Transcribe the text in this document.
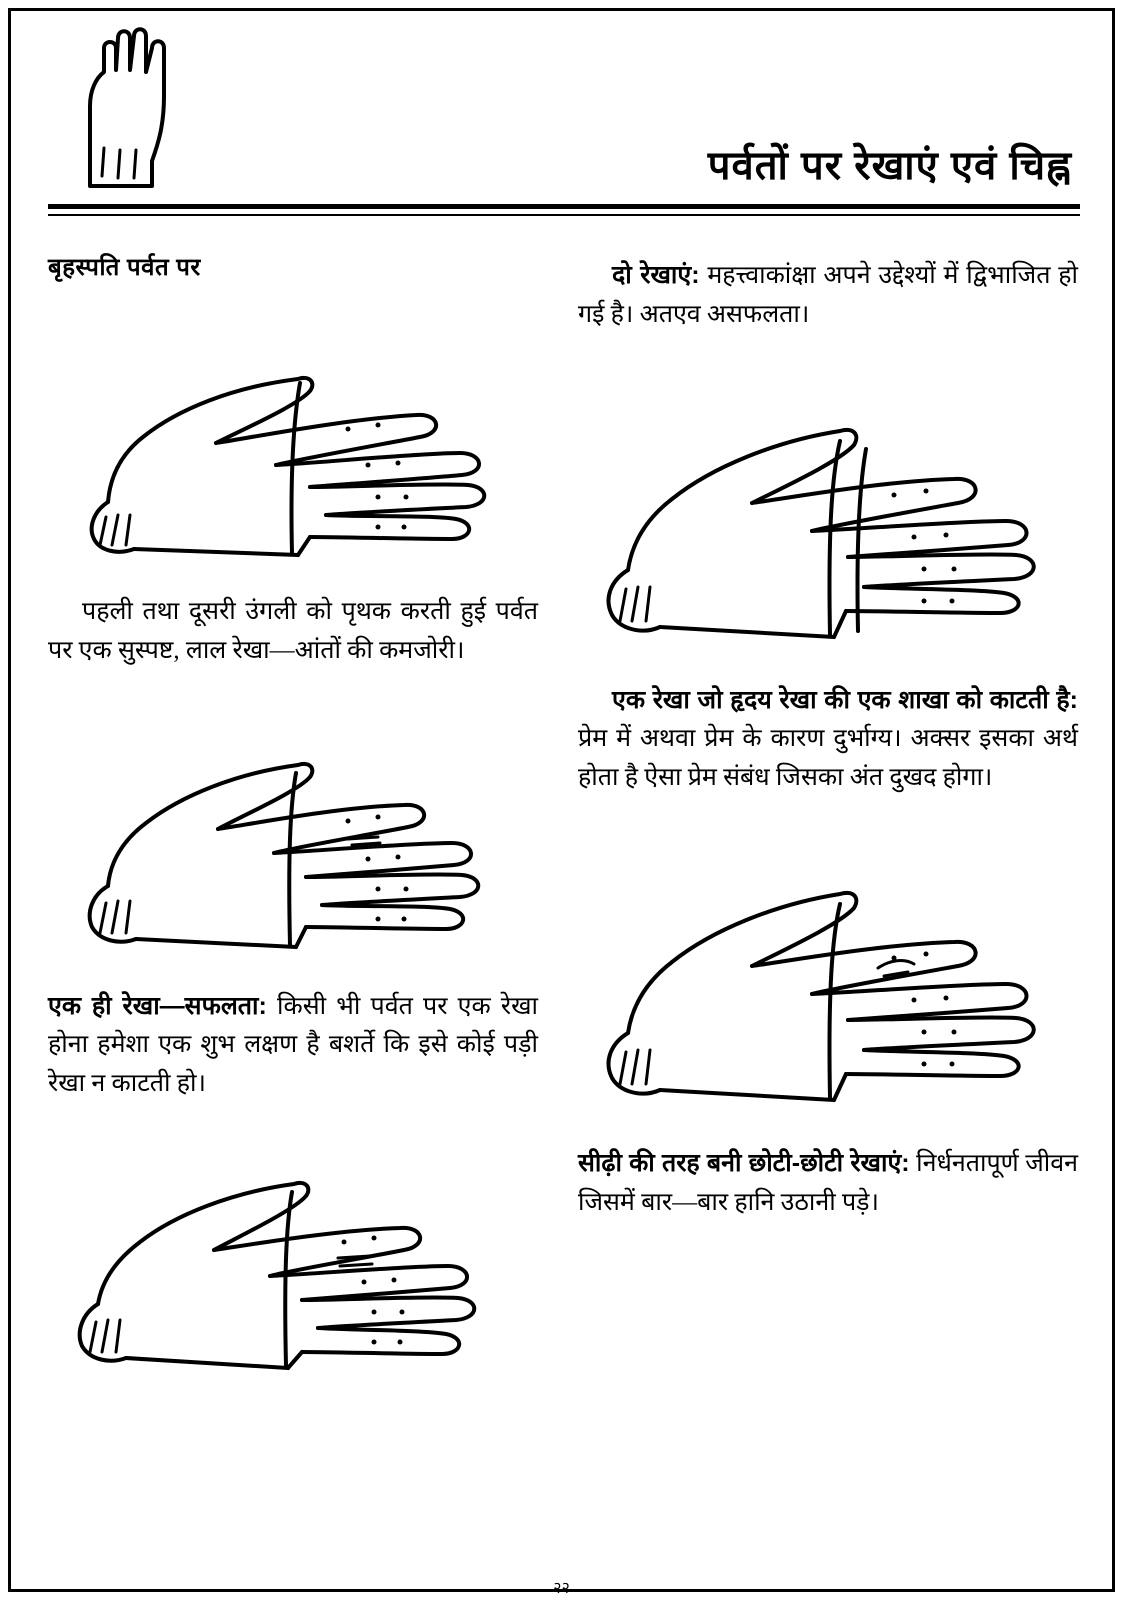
पर्वतों पर रेखाएं एवं चिह्न
बृहस्पति पर्वत पर

पहली तथा दूसरी उंगली को पृथक करती हुई पर्वत पर एक सुस्पष्ट, लाल रेखा—आंतों की कमजोरी।

एक ही रेखा—सफलता: किसी भी पर्वत पर एक रेखा होना हमेशा एक शुभ लक्षण है बशर्ते कि इसे कोई पड़ी रेखा न काटती हो।

दो रेखाएं: महत्त्वाकांक्षा अपने उद्देश्यों में द्विभाजित हो गई है। अतएव असफलता।

एक रेखा जो हृदय रेखा की एक शाखा को काटती है: प्रेम में अथवा प्रेम के कारण दुर्भाग्य। अक्सर इसका अर्थ होता है ऐसा प्रेम संबंध जिसका अंत दुखद होगा।

सीढ़ी की तरह बनी छोटी-छोटी रेखाएं: निर्धनतापूर्ण जीवन जिसमें बार—बार हानि उठानी पड़े।

२२
